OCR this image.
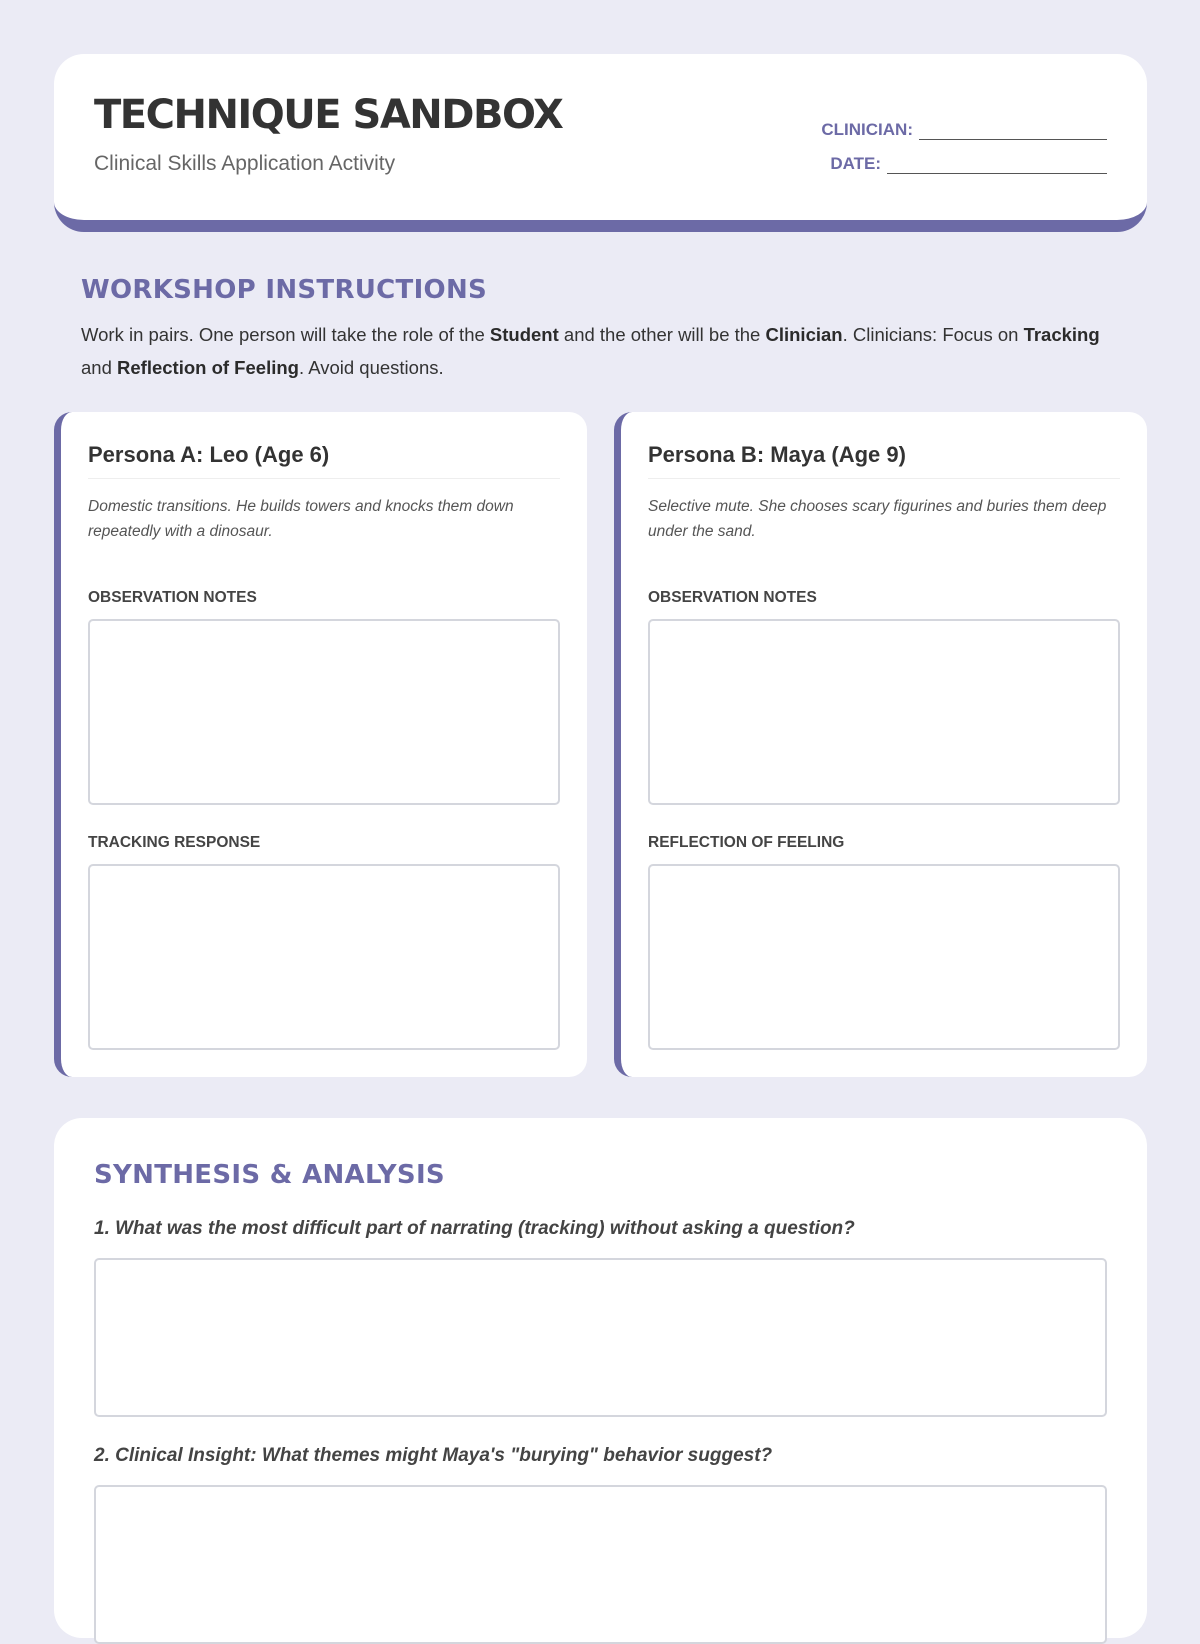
TECHNIQUE SANDBOX
Clinical Skills Application Activity
CLINICIAN:
DATE:
WORKSHOP INSTRUCTIONS
Work in pairs. One person will take the role of the Student and the other will be the Clinician. Clinicians: Focus on Tracking and Reflection of Feeling. Avoid questions.
Persona A: Leo (Age 6)
Domestic transitions. He builds towers and knocks them down repeatedly with a dinosaur.
OBSERVATION NOTES
TRACKING RESPONSE
Persona B: Maya (Age 9)
Selective mute. She chooses scary figurines and buries them deep under the sand.
OBSERVATION NOTES
REFLECTION OF FEELING
SYNTHESIS & ANALYSIS
1. What was the most difficult part of narrating (tracking) without asking a question?
2. Clinical Insight: What themes might Maya's "burying" behavior suggest?
